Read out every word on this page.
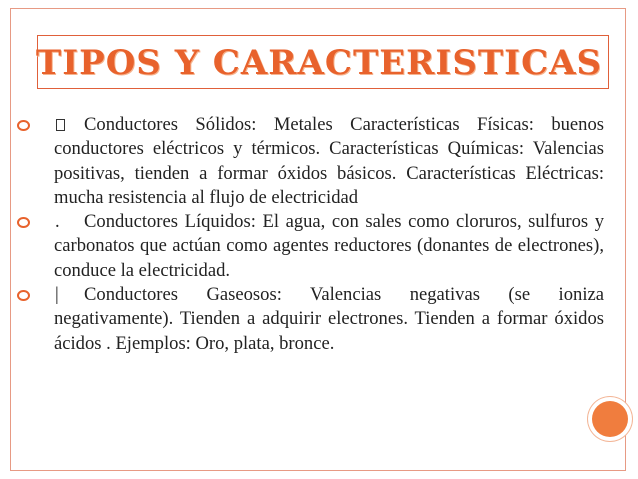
TIPOS Y CARACTERISTICAS
Conductores Sólidos: Metales Características Físicas: buenos conductores eléctricos y térmicos. Características Químicas: Valencias positivas, tienden a formar óxidos básicos. Características Eléctricas: mucha resistencia al flujo de electricidad
.	Conductores Líquidos: El agua, con sales como cloruros, sulfuros y carbonatos que actúan como agentes reductores (donantes de electrones), conduce la electricidad.
|	Conductores Gaseosos: Valencias negativas (se ioniza negativamente). Tienden a adquirir electrones. Tienden a formar óxidos ácidos . Ejemplos: Oro, plata, bronce.
